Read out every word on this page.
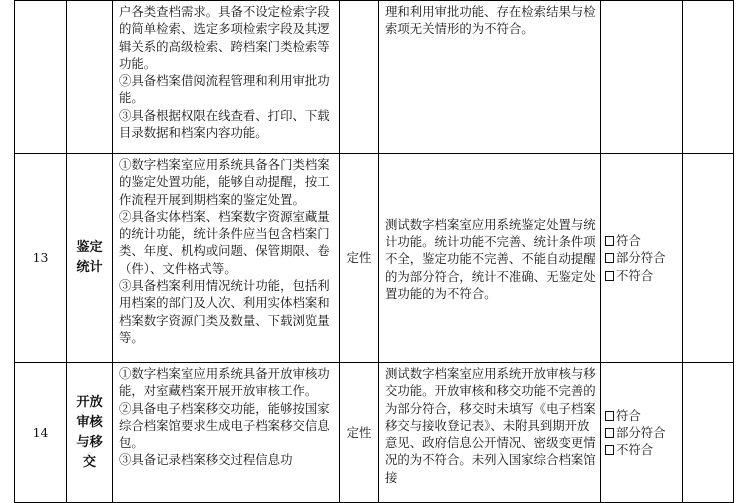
		户各类查档需求。具备不设定检索字段的简单检索、选定多项检索字段及其逻辑关系的高级检索、跨档案门类检索等功能。
②具备档案借阅流程管理和利用审批功能。
③具备根据权限在线查看、打印、下载目录数据和档案内容功能。		理和利用审批功能、存在检索结果与检索项无关情形的为不符合。		

13	鉴定统计	①数字档案室应用系统具备各门类档案的鉴定处置功能，能够自动提醒，按工作流程开展到期档案的鉴定处置。
②具备实体档案、档案数字资源室藏量的统计功能，统计条件应当包含档案门类、年度、机构或问题、保管期限、卷（件）、文件格式等。
③具备档案利用情况统计功能，包括利用档案的部门及人次、利用实体档案和档案数字资源门类及数量、下载浏览量等。	定性	测试数字档案室应用系统鉴定处置与统计功能。统计功能不完善、统计条件项不全，鉴定功能不完善、不能自动提醒的为部分符合，统计不准确、无鉴定处置功能的为不符合。	符合
部分符合
不符合	

14	开放审核与移交	①数字档案室应用系统具备开放审核功能，对室藏档案开展开放审核工作。
②具备电子档案移交功能，能够按国家综合档案馆要求生成电子档案移交信息包。
③具备记录档案移交过程信息功	定性	测试数字档案室应用系统开放审核与移交功能。开放审核和移交功能不完善的为部分符合，移交时未填写《电子档案移交与接收登记表》、未附具到期开放意见、政府信息公开情况、密级变更情况的为不符合。未列入国家综合档案馆接	符合
部分符合
不符合	
